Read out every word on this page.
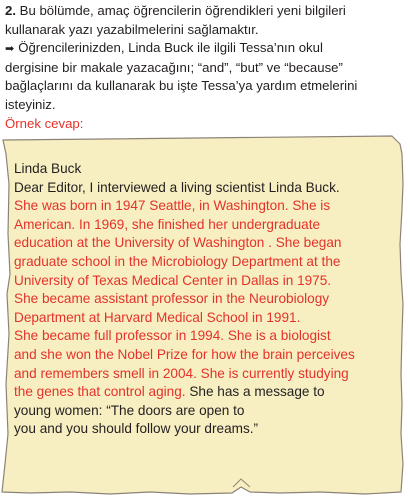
2. Bu bölümde, amaç öğrencilerin öğrendikleri yeni bilgileri

kullanarak yazı yazabilmelerini sağlamaktır.

➡ Öğrencilerinizden, Linda Buck ile ilgili Tessa’nın okul

dergisine bir makale yazacağını; “and”, “but” ve “because”

bağlaçlarını da kullanarak bu işte Tessa’ya yardım etmelerini

isteyiniz.

Örnek cevap:

Linda Buck
Dear Editor, I interviewed a living scientist Linda Buck.
She was born in 1947 Seattle, in Washington. She is
American. In 1969, she finished her undergraduate
education at the University of Washington . She began
graduate school in the Microbiology Department at the
University of Texas Medical Center in Dallas in 1975.
She became assistant professor in the Neurobiology
Department at Harvard Medical School in 1991.
She became full professor in 1994. She is a biologist
and she won the Nobel Prize for how the brain perceives
and remembers smell in 2004. She is currently studying
the genes that control aging. She has a message to
young women: “The doors are open to
you and you should follow your dreams.”
